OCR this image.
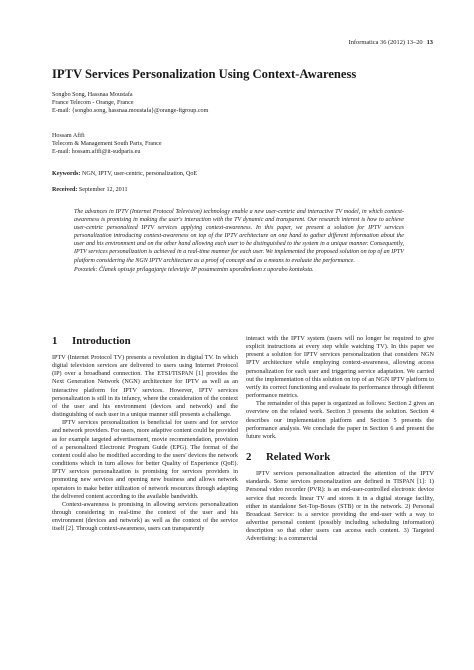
Informatica 36 (2012) 13–20 13
IPTV Services Personalization Using Context-Awareness
Songbo Song, Hassnaa Moustafa
France Telecom - Orange, France
E-mail: {songbo.song, hassnaa.moustafa}@orange-ftgroup.com
Hossam Afifi
Telecom & Management South Paris, France
E-mail: hossam.afifi@it-sudparis.eu
Keywords: NGN, IPTV, user-centric, personalization, QoE
Received: September 12, 2011

The advances in IPTV (Internet Protocol Television) technology enable a new user-centric and interactive TV model, in which context-awareness is promising in making the user's interaction with the TV dynamic and transparent. Our research interest is how to achieve user-centric personalized IPTV services applying context-awareness. In this paper, we present a solution for IPTV services personalization introducing context-awareness on top of the IPTV architecture on one hand to gather different information about the user and his environment and on the other hand allowing each user to be distinguished to the system in a unique manner. Consequently, IPTV services personalization is achieved in a real-time manner for each user. We implemented the proposed solution on top of an IPTV platform considering the NGN IPTV architecture as a proof of concept and as a means to evaluate the performance.

Povzetek: Članek opisuje prilagajanje televizije IP posameznim uporabnikom z uporabo konteksta.

1 Introduction

IPTV (Internet Protocol TV) presents a revolution in digital TV. In which digital television services are delivered to users using Internet Protocol (IP) over a broadband connection. The ETSI/TISPAN [1] provides the Next Generation Network (NGN) architecture for IPTV as well as an interactive platform for IPTV services. However, IPTV services personalization is still in its infancy, where the consideration of the context of the user and his environment (devices and network) and the distinguishing of each user in a unique manner still presents a challenge.

IPTV services personalization is beneficial for users and for service and network providers. For users, more adaptive content could be provided as for example targeted advertisement, movie recommendation, provision of a personalized Electronic Program Guide (EPG). The format of the content could also be modified according to the users' devices the network conditions which in turn allows for better Quality of Experience (QoE). IPTV services personalization is promising for services providers in promoting new services and opening new business and allows network operators to make better utilization of network resources through adapting the delivered content according to the available bandwidth.

Context-awareness is promising in allowing services personalization through considering in real-time the context of the user and his environment (devices and network) as well as the context of the service itself [2]. Through context-awareness, users can transparently

interact with the IPTV system (users will no longer be required to give explicit instructions at every step while watching TV). In this paper we present a solution for IPTV services personalization that considers NGN IPTV architecture while employing context-awareness, allowing access personalization for each user and triggering service adaptation. We carried out the implementation of this solution on top of an NGN IPTV platform to verify its correct functioning and evaluate its performance through different performance metrics.

The remainder of this paper is organized as follows: Section 2 gives an overview on the related work. Section 3 presents the solution. Section 4 describes our implementation platform and Section 5 presents the performance analysis. We conclude the paper in Section 6 and present the future work.

2 Related Work

IPTV services personalization attracted the attention of the IPTV standards. Some services personalization are defined in TISPAN [1]: 1) Personal video recorder (PVR): is an end-user-controlled electronic device service that records linear TV and stores it in a digital storage facility, either in standalone Set-Top-Boxes (STB) or in the network. 2) Personal Broadcast Service: is a service providing the end-user with a way to advertise personal content (possibly including scheduling information) description so that other users can access such content. 3) Targeted Advertising: is a commercial
